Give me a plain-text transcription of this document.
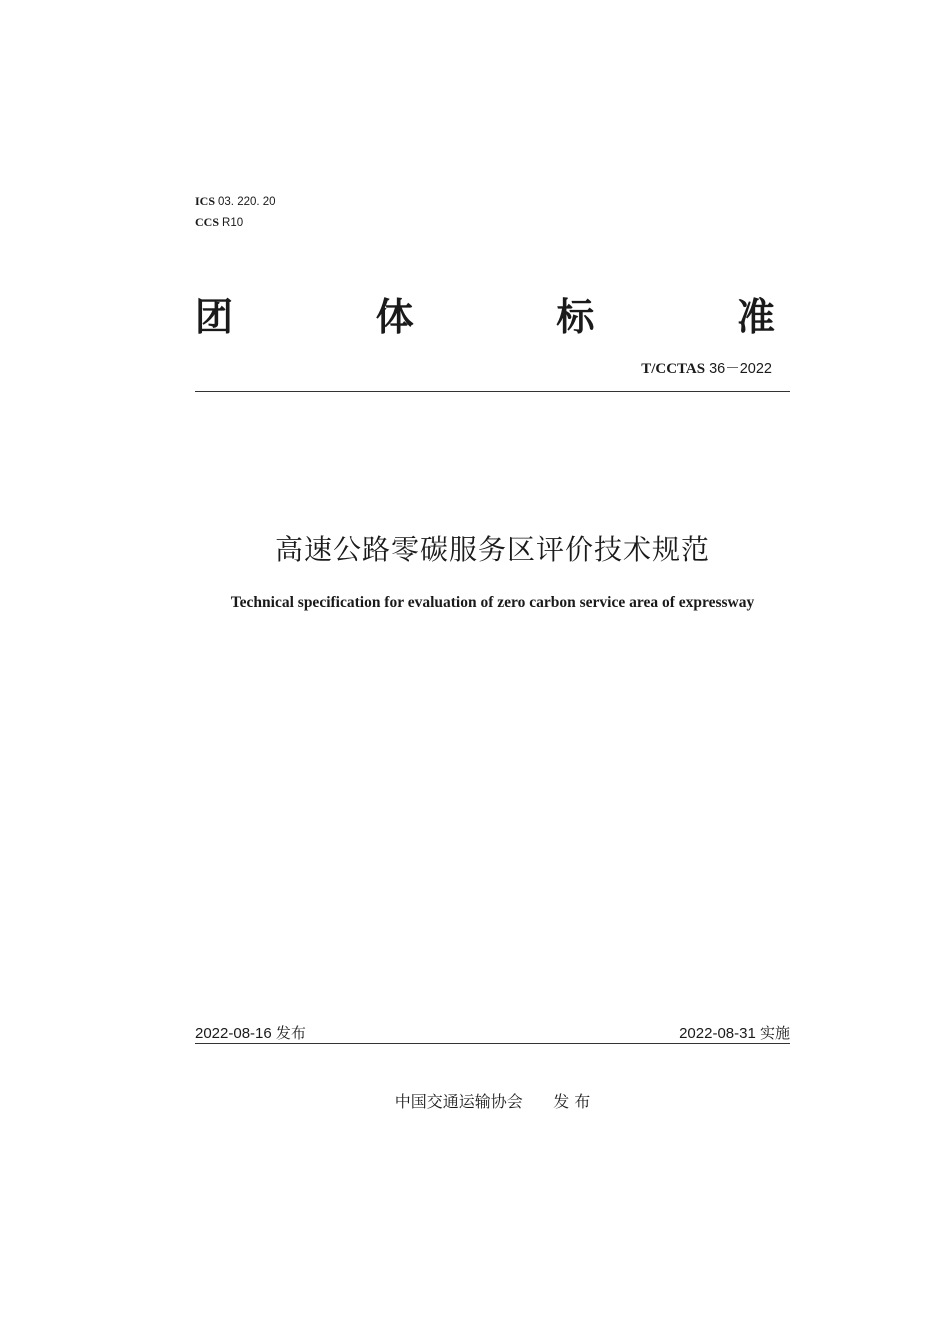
ICS 03. 220. 20
CCS R10
团	体	标	准
T/CCTAS 36－2022
高速公路零碳服务区评价技术规范
Technical specification for evaluation of zero carbon service area of expressway
2022-08-16 发布	2022-08-31 实施
中国交通运输协会 发 布
